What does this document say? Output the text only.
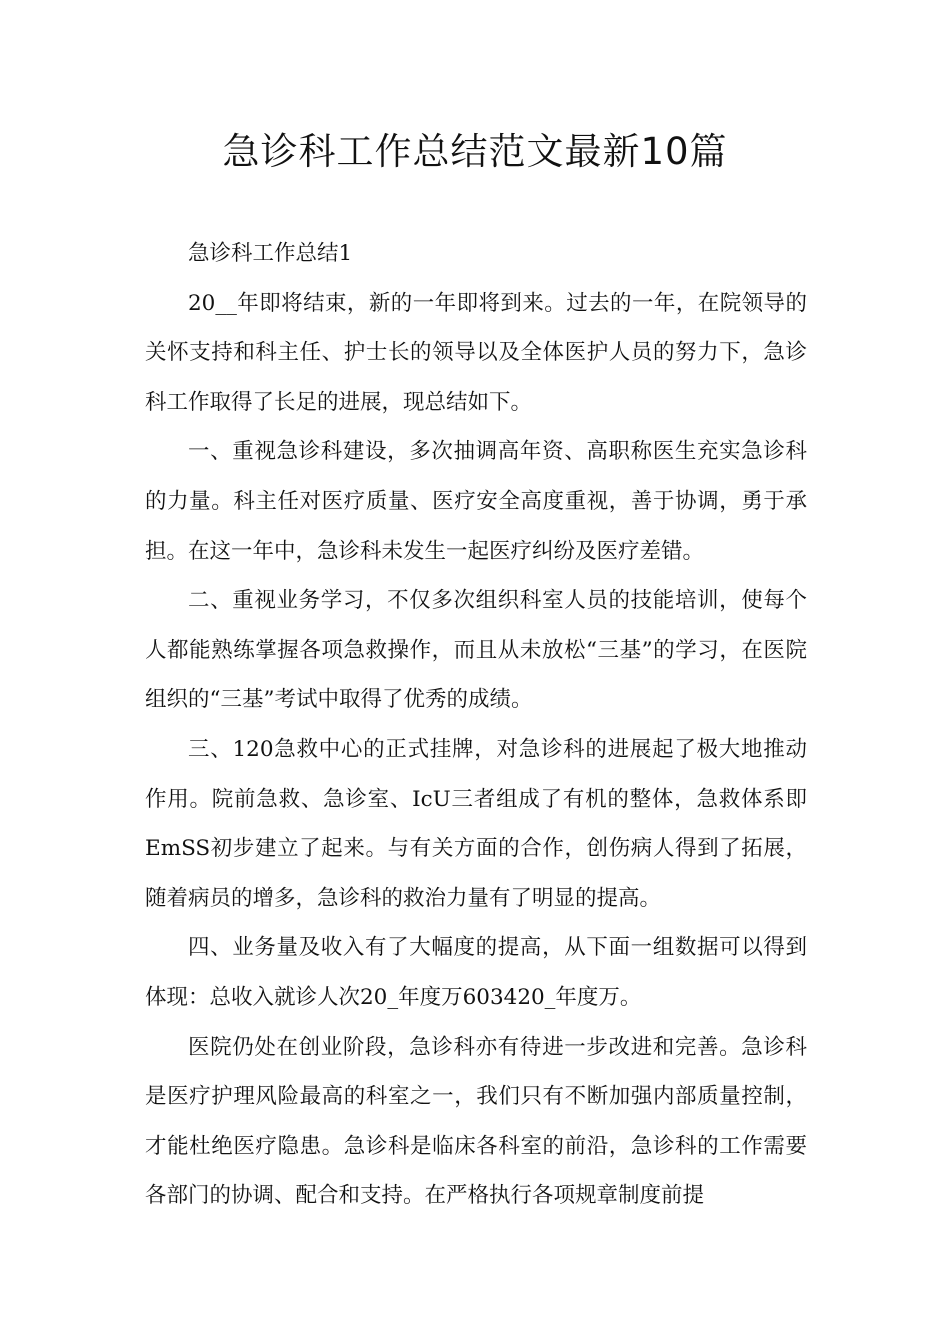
急诊科工作总结范文最新10篇

急诊科工作总结1

20__年即将结束，新的一年即将到来。过去的一年，在院领导的关怀支持和科主任、护士长的领导以及全体医护人员的努力下，急诊科工作取得了长足的进展，现总结如下。

一、重视急诊科建设，多次抽调高年资、高职称医生充实急诊科的力量。科主任对医疗质量、医疗安全高度重视，善于协调，勇于承担。在这一年中，急诊科未发生一起医疗纠纷及医疗差错。

二、重视业务学习，不仅多次组织科室人员的技能培训，使每个人都能熟练掌握各项急救操作，而且从未放松“三基”的学习，在医院组织的“三基”考试中取得了优秀的成绩。

三、120急救中心的正式挂牌，对急诊科的进展起了极大地推动作用。院前急救、急诊室、IcU三者组成了有机的整体，急救体系即EmSS初步建立了起来。与有关方面的合作，创伤病人得到了拓展，随着病员的增多，急诊科的救治力量有了明显的提高。

四、业务量及收入有了大幅度的提高，从下面一组数据可以得到体现：总收入就诊人次20_年度万603420_年度万。

医院仍处在创业阶段，急诊科亦有待进一步改进和完善。急诊科是医疗护理风险最高的科室之一，我们只有不断加强内部质量控制，才能杜绝医疗隐患。急诊科是临床各科室的前沿，急诊科的工作需要各部门的协调、配合和支持。在严格执行各项规章制度前提
